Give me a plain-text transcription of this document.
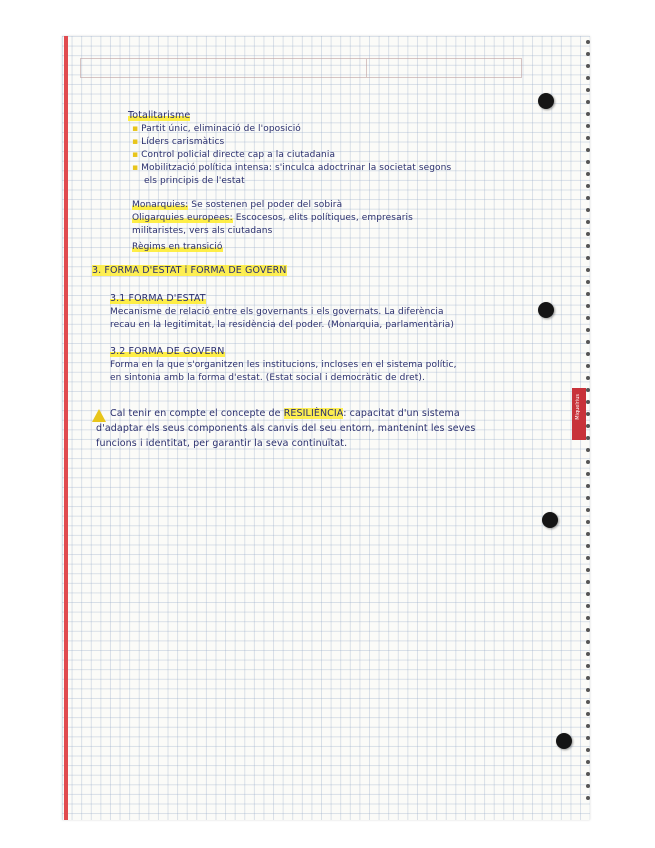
Miquelrius
Totalitarisme
▪ Partit únic, eliminació de l'oposició
▪ Líders carismàtics
▪ Control policial directe cap a la ciutadania
▪ Mobilització política intensa: s'inculca adoctrinar la societat segons
els principis de l'estat
Monarquies: Se sostenen pel poder del sobirà
Oligarquies europees: Escocesos, elits polítiques, empresaris
militaristes, vers als ciutadans
Règims en transició
3. FORMA D'ESTAT i FORMA DE GOVERN
3.1 FORMA D'ESTAT
Mecanisme de relació entre els governants i els governats. La diferència
recau en la legitimitat, la residència del poder. (Monarquia, parlamentària)
3.2 FORMA DE GOVERN
Forma en la que s'organitzen les institucions, incloses en el sistema polític,
en sintonia amb la forma d'estat. (Estat social i democràtic de dret).
Cal tenir en compte el concepte de RESILIÈNCIA: capacitat d'un sistema
d'adaptar els seus components als canvis del seu entorn, mantenint les seves
funcions i identitat, per garantir la seva continuïtat.
